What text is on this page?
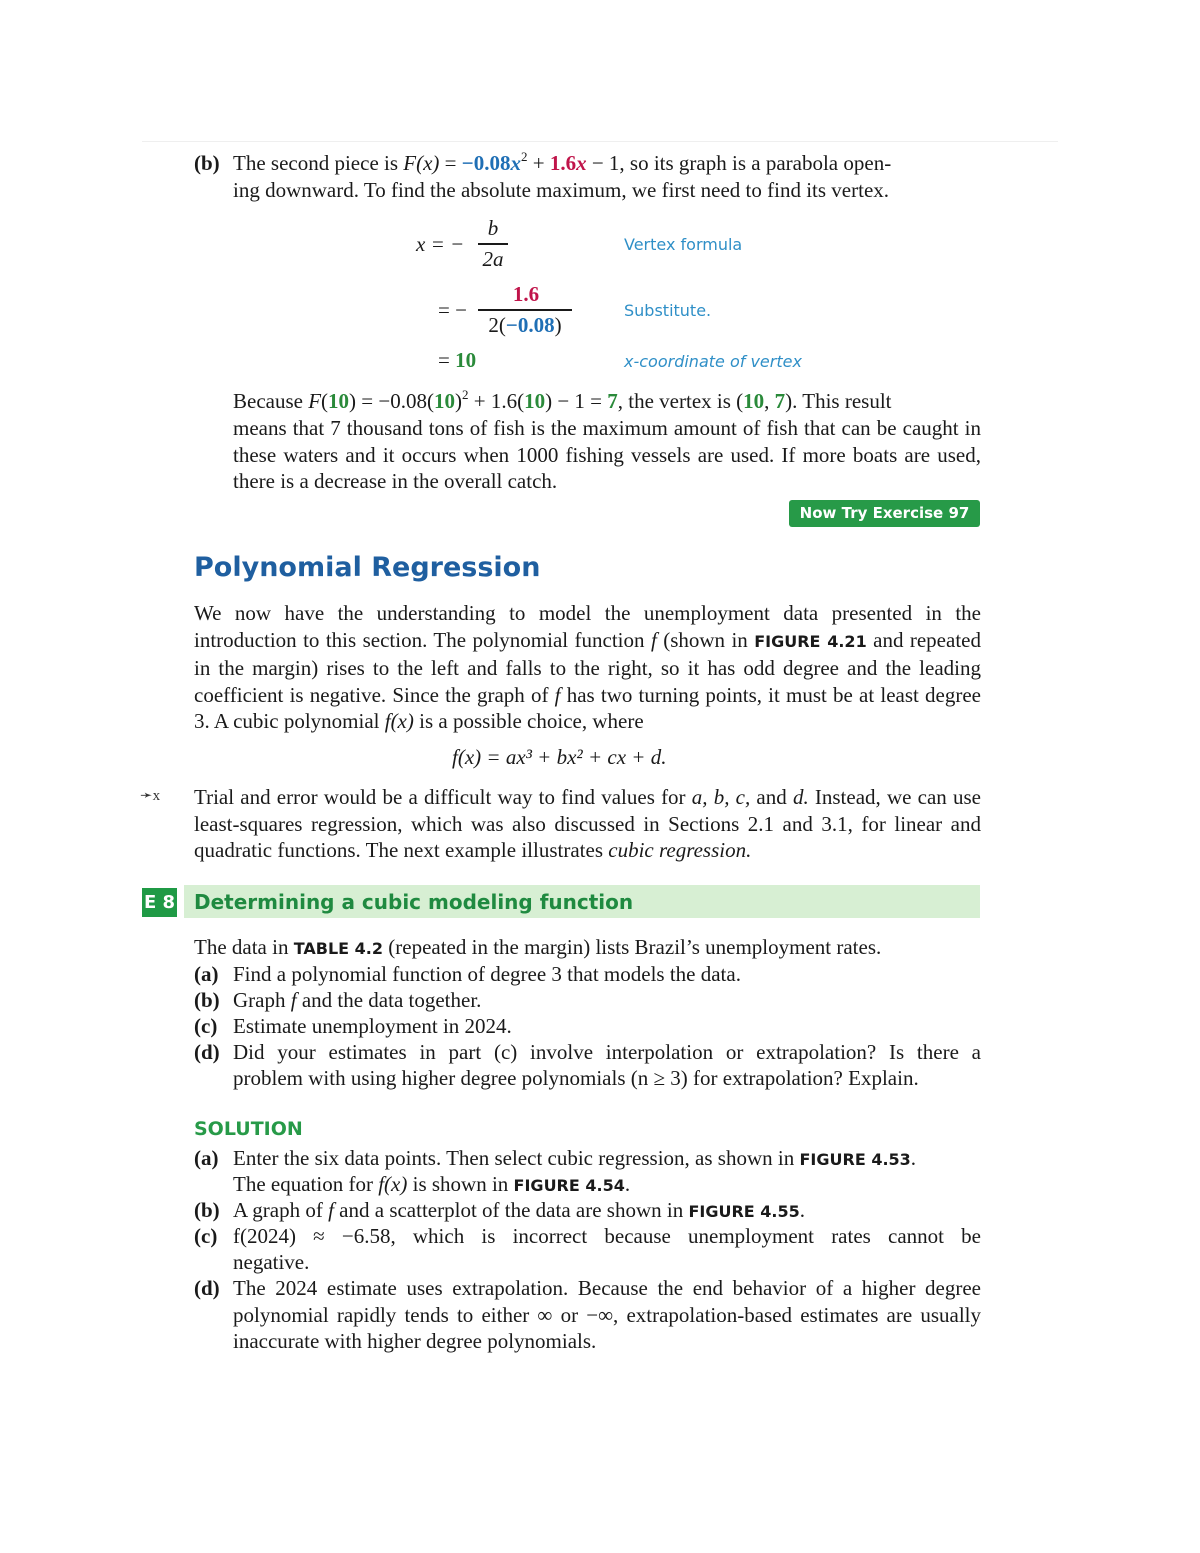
(b) The second piece is $F(x) = -0.08x^2 + 1.6x - 1$, so its graph is a parabola open-
ing downward. To find the absolute maximum, we first need to find its vertex.
x = −
b
2a
Vertex formula
= −
1.6
2(−0.08)
Substitute.
= 10	x-coordinate of vertex
Because $F(10) = -0.08(10)^2 + 1.6(10) - 1 = 7$, the vertex is (10, 7). This result
means that 7 thousand tons of fish is the maximum amount of fish that can be caught in these waters and it occurs when 1000 fishing vessels are used. If more boats are used, there is a decrease in the overall catch.
Now Try Exercise 97
Polynomial Regression
We now have the understanding to model the unemployment data presented in the introduction to this section. The polynomial function f (shown in FIGURE 4.21 and repeated in the margin) rises to the left and falls to the right, so it has odd degree and the leading coefficient is negative. Since the graph of f has two turning points, it must be at least degree 3. A cubic polynomial f(x) is a possible choice, where
f(x) = ax³ + bx² + cx + d.
➛x Trial and error would be a difficult way to find values for a, b, c, and d. Instead, we can use least-squares regression, which was also discussed in Sections 2.1 and 3.1, for linear and quadratic functions. The next example illustrates cubic regression.
E 8 Determining a cubic modeling function
The data in TABLE 4.2 (repeated in the margin) lists Brazil’s unemployment rates.
(a) Find a polynomial function of degree 3 that models the data.
(b) Graph f and the data together.
(c) Estimate unemployment in 2024.
(d) Did your estimates in part (c) involve interpolation or extrapolation? Is there a
problem with using higher degree polynomials (n ≥ 3) for extrapolation? Explain.
SOLUTION
(a) Enter the six data points. Then select cubic regression, as shown in FIGURE 4.53.
The equation for f(x) is shown in FIGURE 4.54.
(b) A graph of f and a scatterplot of the data are shown in FIGURE 4.55.
(c) f(2024) ≈ −6.58, which is incorrect because unemployment rates cannot be
negative.
(d) The 2024 estimate uses extrapolation. Because the end behavior of a higher degree polynomial rapidly tends to either ∞ or −∞, extrapolation-based estimates are usually inaccurate with higher degree polynomials.
